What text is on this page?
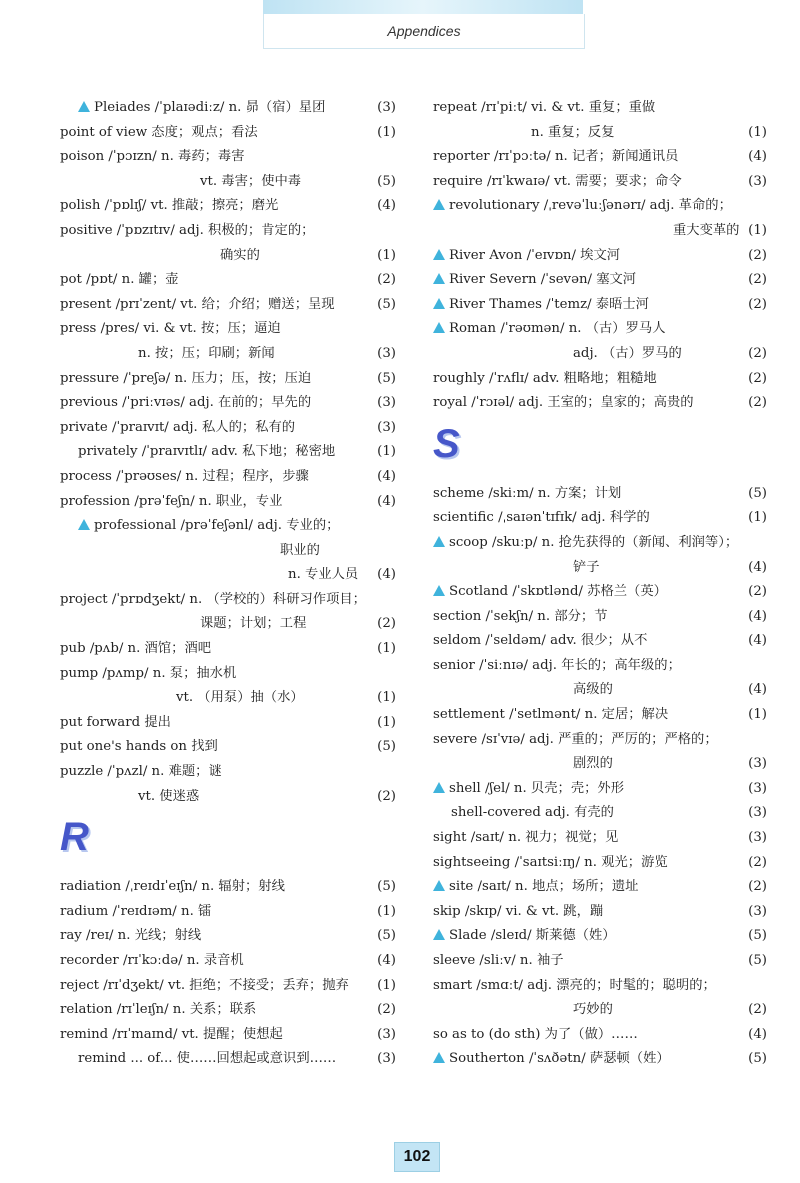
Appendices
Pleiades /ˈplaɪədiːz/ n. 昴（宿）星团	(3)
point of view 态度；观点；看法	(1)
poison /ˈpɔɪzn/ n. 毒药；毒害
vt. 毒害；使中毒	(5)
polish /ˈpɒlɪʃ/ vt. 推敲；擦亮；磨光	(4)
positive /ˈpɒzɪtɪv/ adj. 积极的；肯定的；
确实的	(1)
pot /pɒt/ n. 罐；壶	(2)
present /prɪˈzent/ vt. 给；介绍；赠送；呈现	(5)
press /pres/ vi. & vt. 按；压；逼迫
n. 按；压；印刷；新闻	(3)
pressure /ˈpreʃə/ n. 压力；压，按；压迫	(5)
previous /ˈpriːvɪəs/ adj. 在前的；早先的	(3)
private /ˈpraɪvɪt/ adj. 私人的；私有的	(3)
privately /ˈpraɪvɪtlɪ/ adv. 私下地；秘密地	(1)
process /ˈprəʊses/ n. 过程；程序，步骤	(4)
profession /prəˈfeʃn/ n. 职业，专业	(4)
professional /prəˈfeʃənl/ adj. 专业的；
职业的
n. 专业人员 (4)
project /ˈprɒdʒekt/ n. （学校的）科研习作项目；
课题；计划；工程	(2)
pub /pʌb/ n. 酒馆；酒吧	(1)
pump /pʌmp/ n. 泵；抽水机
vt. （用泵）抽（水）	(1)
put forward 提出	(1)
put one's hands on 找到	(5)
puzzle /ˈpʌzl/ n. 难题；谜
vt. 使迷惑	(2)
R
radiation /ˌreɪdɪˈeɪʃn/ n. 辐射；射线	(5)
radium /ˈreɪdɪəm/ n. 镭	(1)
ray /reɪ/ n. 光线；射线	(5)
recorder /rɪˈkɔːdə/ n. 录音机	(4)
reject /rɪˈdʒekt/ vt. 拒绝；不接受；丢弃；抛弃 (1)
relation /rɪˈleɪʃn/ n. 关系；联系	(2)
remind /rɪˈmaɪnd/ vt. 提醒；使想起	(3)
remind ... of... 使……回想起或意识到……	(3)
repeat /rɪˈpiːt/ vi. & vt. 重复；重做
n. 重复；反复	(1)
reporter /rɪˈpɔːtə/ n. 记者；新闻通讯员	(4)
require /rɪˈkwaɪə/ vt. 需要；要求；命令	(3)
revolutionary /ˌrevəˈluːʃənərɪ/ adj. 革命的；
重大变革的 (1)
River Avon /ˈeɪvɒn/ 埃文河	(2)
River Severn /ˈsevən/ 塞文河	(2)
River Thames /ˈtemz/ 泰晤士河	(2)
Roman /ˈrəʊmən/ n. （古）罗马人
adj. （古）罗马的	(2)
roughly /ˈrʌflɪ/ adv. 粗略地；粗糙地	(2)
royal /ˈrɔɪəl/ adj. 王室的；皇家的；高贵的	(2)
S
scheme /skiːm/ n. 方案；计划	(5)
scientific /ˌsaɪənˈtɪfɪk/ adj. 科学的	(1)
scoop /skuːp/ n. 抢先获得的（新闻、利润等）；
铲子	(4)
Scotland /ˈskɒtlənd/ 苏格兰（英）	(2)
section /ˈsekʃn/ n. 部分；节	(4)
seldom /ˈseldəm/ adv. 很少；从不	(4)
senior /ˈsiːnɪə/ adj. 年长的；高年级的；
高级的	(4)
settlement /ˈsetlmənt/ n. 定居；解决	(1)
severe /sɪˈvɪə/ adj. 严重的；严厉的；严格的；
剧烈的	(3)
shell /ʃel/ n. 贝壳；壳；外形	(3)
shell-covered adj. 有壳的	(3)
sight /saɪt/ n. 视力；视觉；见	(3)
sightseeing /ˈsaɪtsiːɪŋ/ n. 观光；游览	(2)
site /saɪt/ n. 地点；场所；遗址	(2)
skip /skɪp/ vi. & vt. 跳，蹦	(3)
Slade /sleɪd/ 斯莱德（姓）	(5)
sleeve /sliːv/ n. 袖子	(5)
smart /smɑːt/ adj. 漂亮的；时髦的；聪明的；
巧妙的	(2)
so as to (do sth) 为了（做）……	(4)
Southerton /ˈsʌðətn/ 萨瑟顿（姓）	(5)
102
